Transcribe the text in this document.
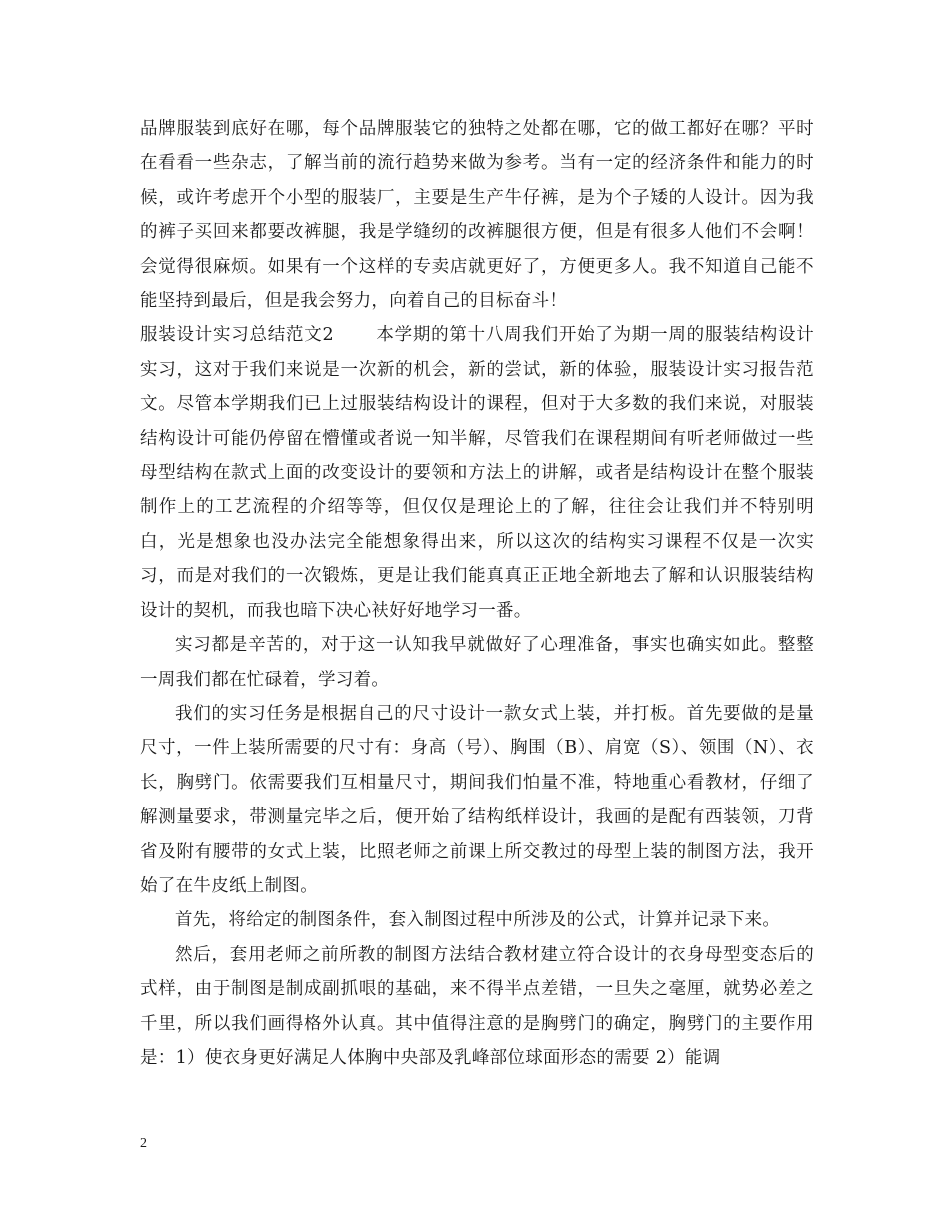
品牌服装到底好在哪，每个品牌服装它的独特之处都在哪，它的做工都好在哪？平时在看看一些杂志，了解当前的流行趋势来做为参考。当有一定的经济条件和能力的时候，或许考虑开个小型的服装厂，主要是生产牛仔裤，是为个子矮的人设计。因为我的裤子买回来都要改裤腿，我是学缝纫的改裤腿很方便，但是有很多人他们不会啊！会觉得很麻烦。如果有一个这样的专卖店就更好了，方便更多人。我不知道自己能不能坚持到最后，但是我会努力，向着自己的目标奋斗！

服装设计实习总结范文2 本学期的第十八周我们开始了为期一周的服装结构设计实习，这对于我们来说是一次新的机会，新的尝试，新的体验，服装设计实习报告范文。尽管本学期我们已上过服装结构设计的课程，但对于大多数的我们来说，对服装结构设计可能仍停留在懵懂或者说一知半解，尽管我们在课程期间有听老师做过一些母型结构在款式上面的改变设计的要领和方法上的讲解，或者是结构设计在整个服装制作上的工艺流程的介绍等等，但仅仅是理论上的了解，往往会让我们并不特别明白，光是想象也没办法完全能想象得出来，所以这次的结构实习课程不仅是一次实习，而是对我们的一次锻炼，更是让我们能真真正正地全新地去了解和认识服装结构设计的契机，而我也暗下决心衭好好地学习一番。

实习都是辛苦的，对于这一认知我早就做好了心理准备，事实也确实如此。整整一周我们都在忙碌着，学习着。

我们的实习任务是根据自己的尺寸设计一款女式上装，并打板。首先要做的是量尺寸，一件上装所需要的尺寸有：身高（号）、胸围（B）、肩宽（S）、领围（N）、衣长，胸劈门。依需要我们互相量尺寸，期间我们怕量不准，特地重心看教材，仔细了解测量要求，带测量完毕之后，便开始了结构纸样设计，我画的是配有西装领，刀背省及附有腰带的女式上装，比照老师之前课上所交教过的母型上装的制图方法，我开始了在牛皮纸上制图。

首先，将给定的制图条件，套入制图过程中所涉及的公式，计算并记录下来。

然后，套用老师之前所教的制图方法结合教材建立符合设计的衣身母型变态后的式样，由于制图是制成副抓哏的基础，来不得半点差错，一旦失之毫厘，就势必差之千里，所以我们画得格外认真。其中值得注意的是胸劈门的确定，胸劈门的主要作用是：1）使衣身更好满足人体胸中央部及乳峰部位球面形态的需要 2）能调

2
